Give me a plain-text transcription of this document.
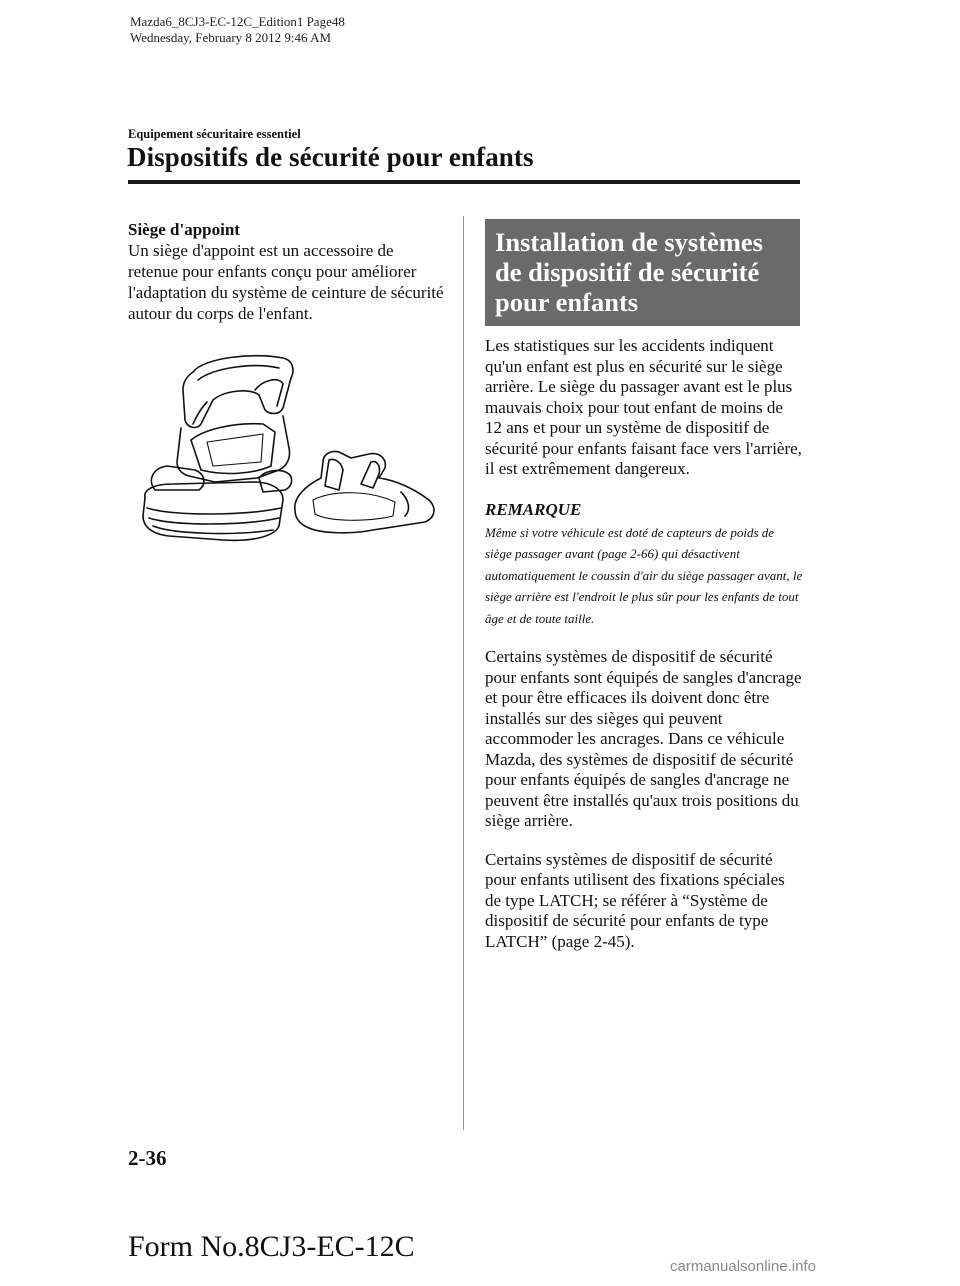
Mazda6_8CJ3-EC-12C_Edition1 Page48
Wednesday, February 8 2012 9:46 AM
Equipement sécuritaire essentiel
Dispositifs de sécurité pour enfants
Siège d'appoint

Un siège d'appoint est un accessoire de retenue pour enfants conçu pour améliorer l'adaptation du système de ceinture de sécurité autour du corps de l'enfant.

Installation de systèmes de dispositif de sécurité pour enfants

Les statistiques sur les accidents indiquent qu'un enfant est plus en sécurité sur le siège arrière. Le siège du passager avant est le plus mauvais choix pour tout enfant de moins de 12 ans et pour un système de dispositif de sécurité pour enfants faisant face vers l'arrière, il est extrêmement dangereux.

REMARQUE

Même si votre véhicule est doté de capteurs de poids de siège passager avant (page 2-66) qui désactivent automatiquement le coussin d'air du siège passager avant, le siège arrière est l'endroit le plus sûr pour les enfants de tout âge et de toute taille.

Certains systèmes de dispositif de sécurité pour enfants sont équipés de sangles d'ancrage et pour être efficaces ils doivent donc être installés sur des sièges qui peuvent accommoder les ancrages. Dans ce véhicule Mazda, des systèmes de dispositif de sécurité pour enfants équipés de sangles d'ancrage ne peuvent être installés qu'aux trois positions du siège arrière.

Certains systèmes de dispositif de sécurité pour enfants utilisent des fixations spéciales de type LATCH; se référer à “Système de dispositif de sécurité pour enfants de type LATCH” (page 2-45).

2-36
Form No.8CJ3-EC-12C
carmanualsonline.info
